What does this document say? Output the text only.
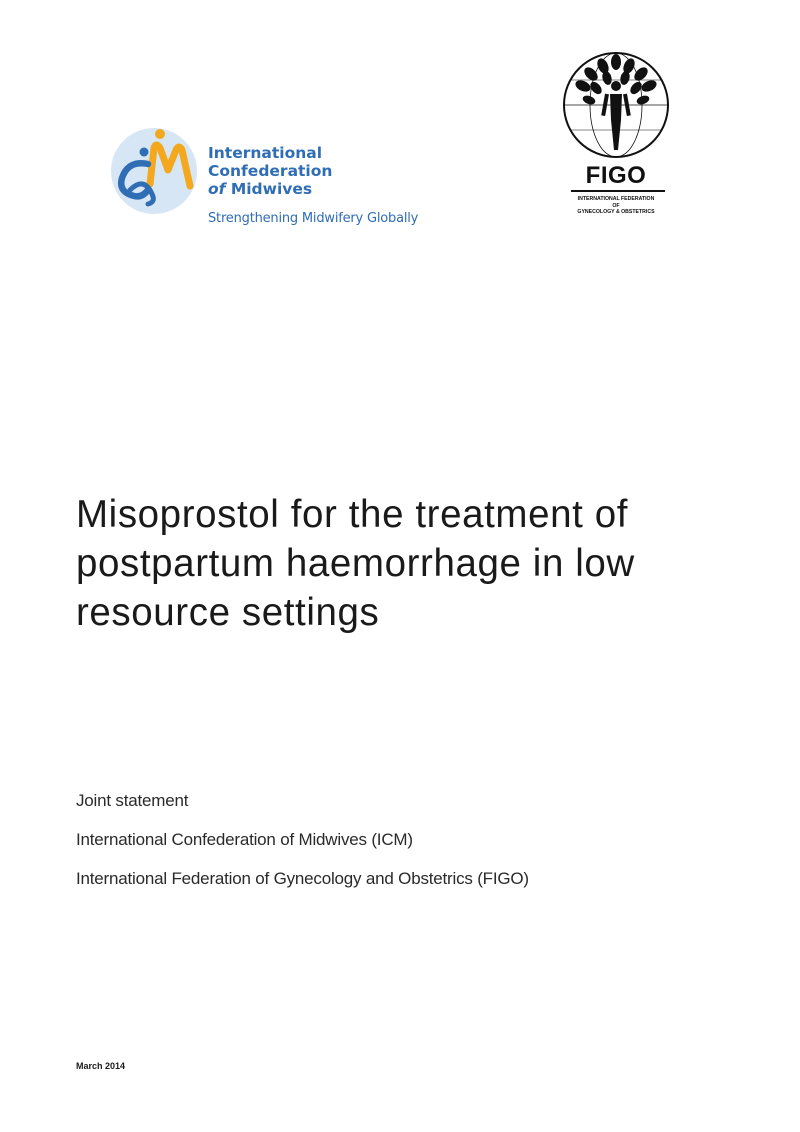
International
Confederation
of Midwives
Strengthening Midwifery Globally
FIGO
INTERNATIONAL FEDERATION
OF
GYNECOLOGY & OBSTETRICS
Misoprostol for the treatment of postpartum haemorrhage in low resource settings
Joint statement
International Confederation of Midwives (ICM)
International Federation of Gynecology and Obstetrics (FIGO)
March 2014
